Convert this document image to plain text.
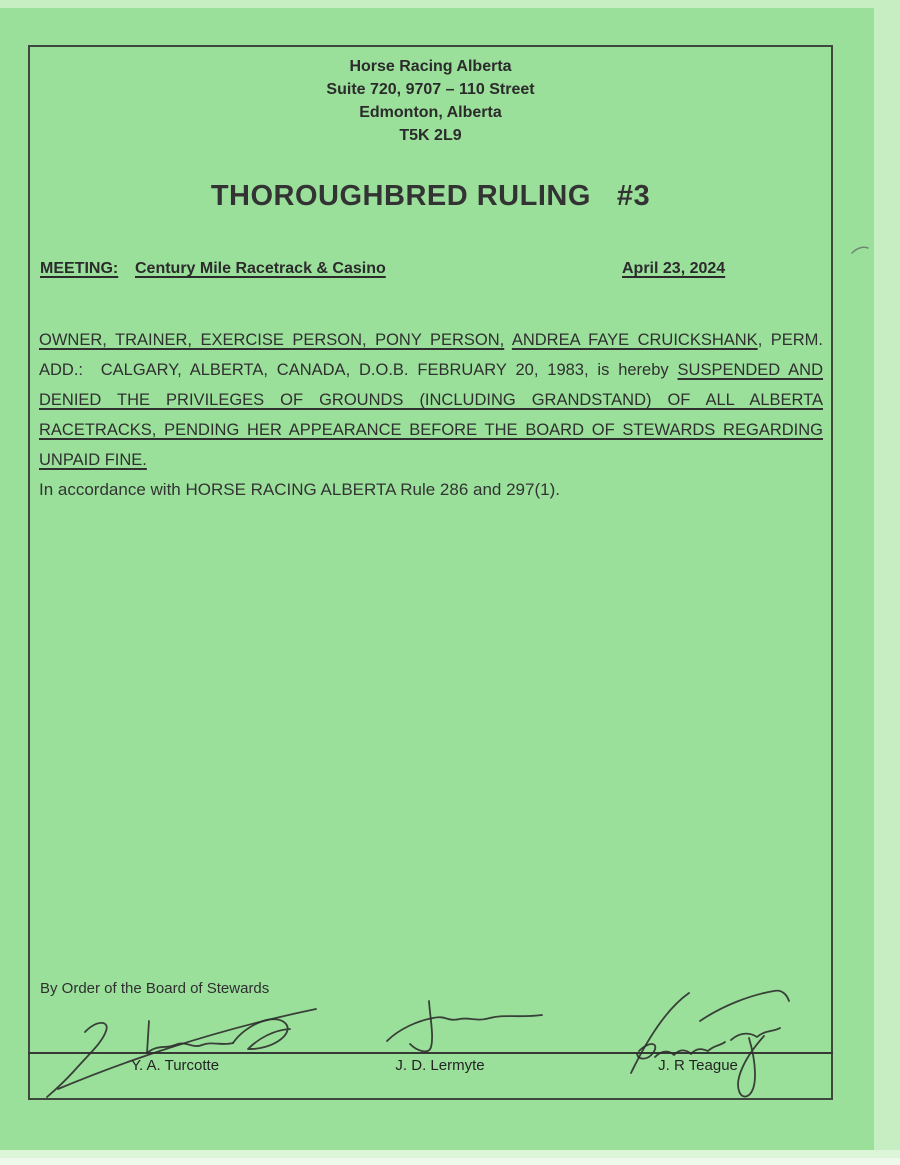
Horse Racing Alberta
Suite 720, 9707 – 110 Street
Edmonton, Alberta
T5K 2L9
THOROUGHBRED RULING #3
MEETING: Century Mile Racetrack & Casino	April 23, 2024
OWNER, TRAINER, EXERCISE PERSON, PONY PERSON, ANDREA FAYE CRUICKSHANK, PERM.
ADD.:  CALGARY, ALBERTA, CANADA, D.O.B. FEBRUARY 20, 1983, is hereby SUSPENDED AND
DENIED THE PRIVILEGES OF GROUNDS (INCLUDING GRANDSTAND) OF ALL ALBERTA
RACETRACKS, PENDING HER APPEARANCE BEFORE THE BOARD OF STEWARDS REGARDING
UNPAID FINE.
In accordance with HORSE RACING ALBERTA Rule 286 and 297(1).
By Order of the Board of Stewards
Y. A. Turcotte	J. D. Lermyte	J. R Teague
